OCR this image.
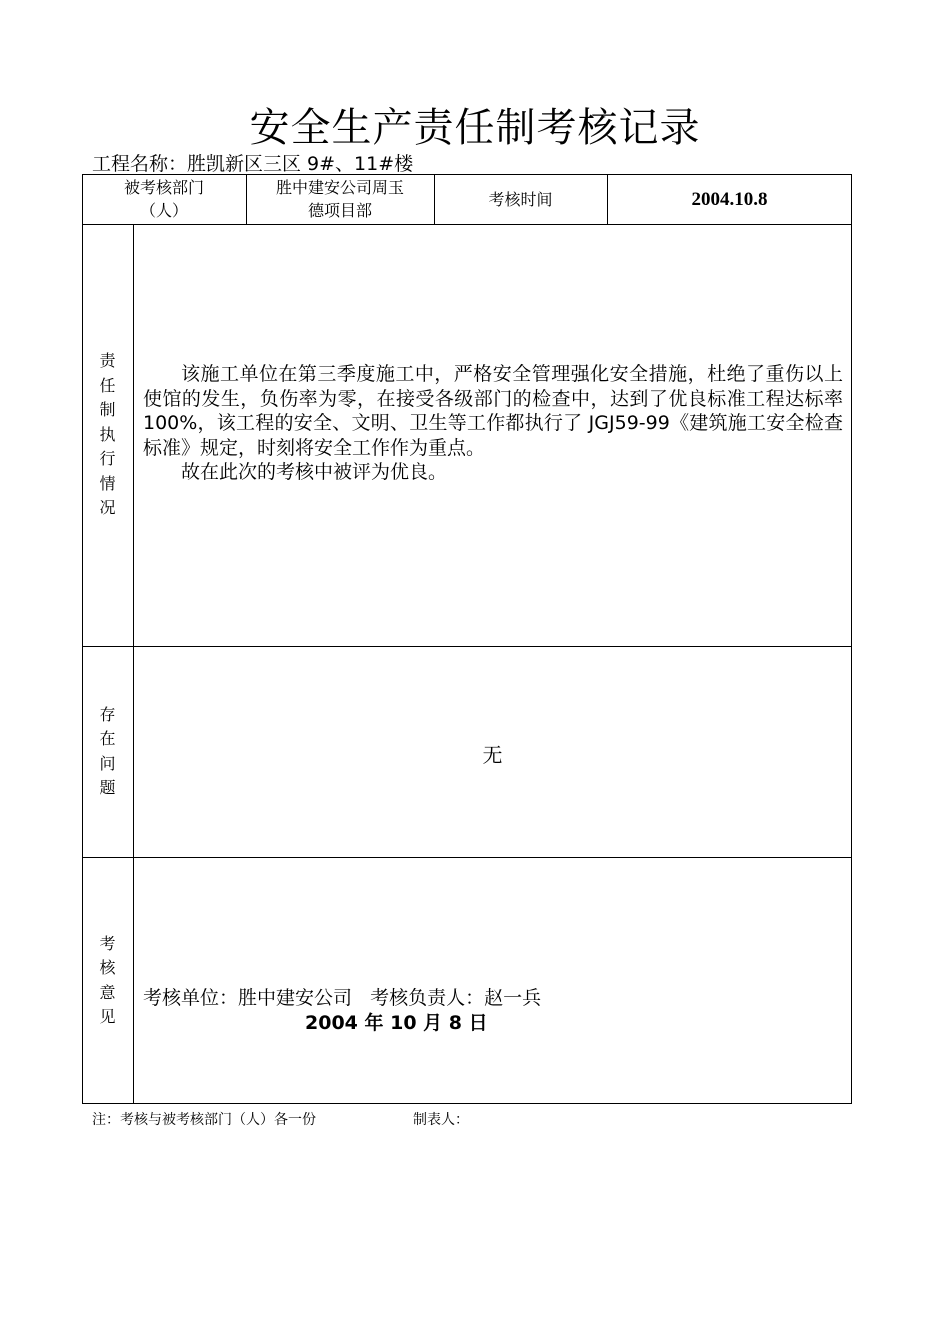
安全生产责任制考核记录
工程名称：胜凯新区三区 9#、11#楼
被考核部门
（人）
胜中建安公司周玉
德项目部
考核时间	2004.10.8
责
任
制
执
行
情
况

该施工单位在第三季度施工中，严格安全管理强化安全措施，杜绝了重伤以上使馆的发生，负伤率为零，在接受各级部门的检查中，达到了优良标准工程达标率 100%，该工程的安全、文明、卫生等工作都执行了 JGJ59-99《建筑施工安全检查标准》规定，时刻将安全工作作为重点。

故在此次的考核中被评为优良。

存
在
问
题
无
考
核
意
见
考核单位：胜中建安公司   考核负责人：赵一兵
2004 年 10 月 8 日
注：考核与被考核部门（人）各一份	制表人：
